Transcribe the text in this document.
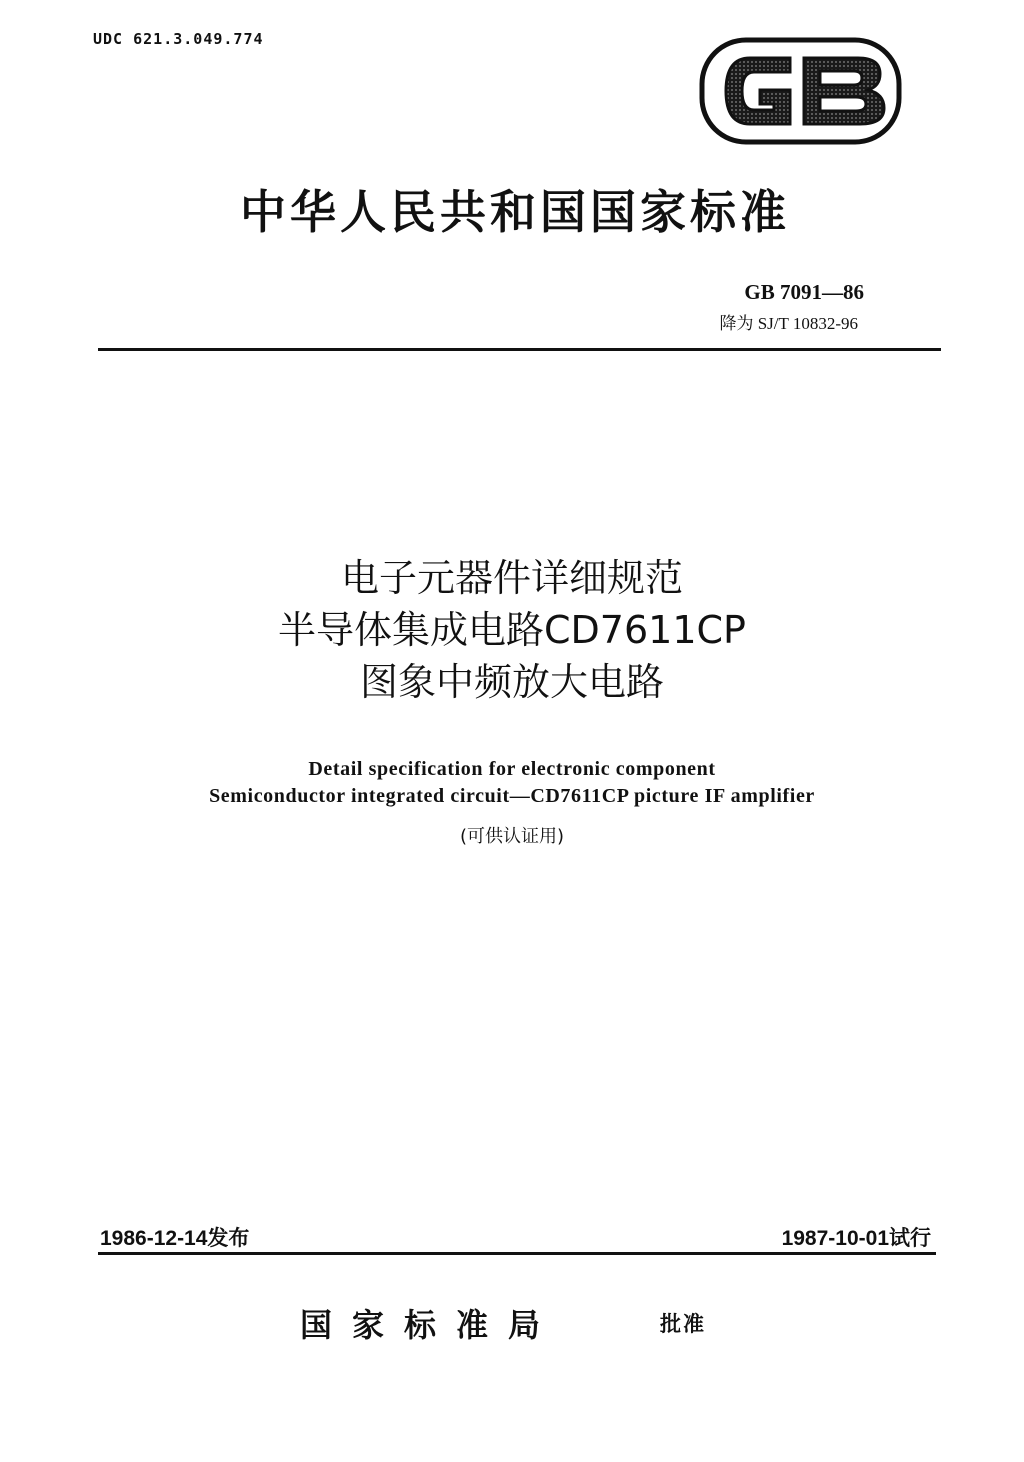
UDC 621.3.049.774
中华人民共和国国家标准
GB 7091—86
降为 SJ/T 10832-96
电子元器件详细规范
半导体集成电路CD7611CP
图象中频放大电路
Detail specification for electronic component
Semiconductor integrated circuit—CD7611CP picture IF amplifier
(可供认证用)
1986-12-14发布	1987-10-01试行
国家标准局	批准
